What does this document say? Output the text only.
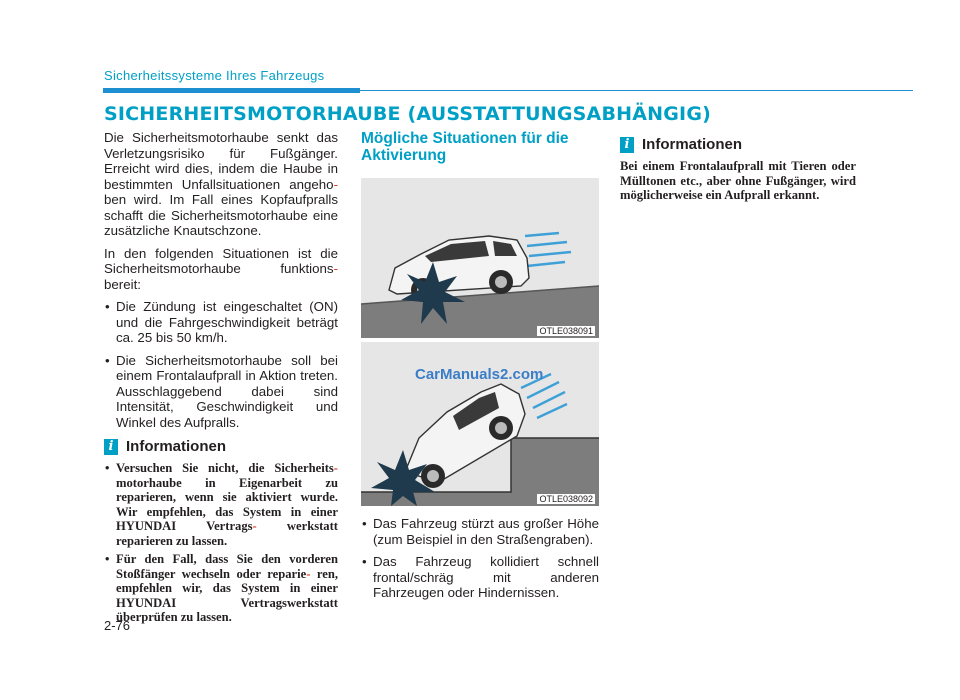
Sicherheitssysteme Ihres Fahrzeugs
SICHERHEITSMOTORHAUBE (AUSSTATTUNGSABHÄNGIG)

Die Sicherheitsmotorhaube senkt das Verletzungsrisiko für Fußgänger. Erreicht wird dies, indem die Haube in bestimmten Unfallsituationen angeho-ben wird. Im Fall eines Kopfaufpralls schafft die Sicherheitsmotorhaube eine zusätzliche Knautschzone.

In den folgenden Situationen ist die Sicherheitsmotorhaube funktions-bereit:

• Die Zündung ist eingeschaltet (ON) und die Fahrgeschwindigkeit beträgt ca. 25 bis 50 km/h.
• Die Sicherheitsmotorhaube soll bei einem Frontalaufprall in Aktion treten. Ausschlaggebend dabei sind Intensität, Geschwindigkeit und Winkel des Aufpralls.
i Informationen
• Versuchen Sie nicht, die Sicherheits- motorhaube in Eigenarbeit zu reparieren, wenn sie aktiviert wurde. Wir empfehlen, das System in einer HYUNDAI Vertrags- werkstatt reparieren zu lassen.
• Für den Fall, dass Sie den vorderen Stoßfänger wechseln oder reparie- ren, empfehlen wir, das System in einer HYUNDAI Vertragswerkstatt überprüfen zu lassen.
Mögliche Situationen für die Aktivierung
OTLE038091
CarManuals2.com
OTLE038092
• Das Fahrzeug stürzt aus großer Höhe (zum Beispiel in den Straßengraben).
• Das Fahrzeug kollidiert schnell frontal/schräg mit anderen Fahrzeugen oder Hindernissen.
i Informationen

Bei einem Frontalaufprall mit Tieren oder Mülltonen etc., aber ohne Fußgänger, wird möglicherweise ein Aufprall erkannt.

2-76
